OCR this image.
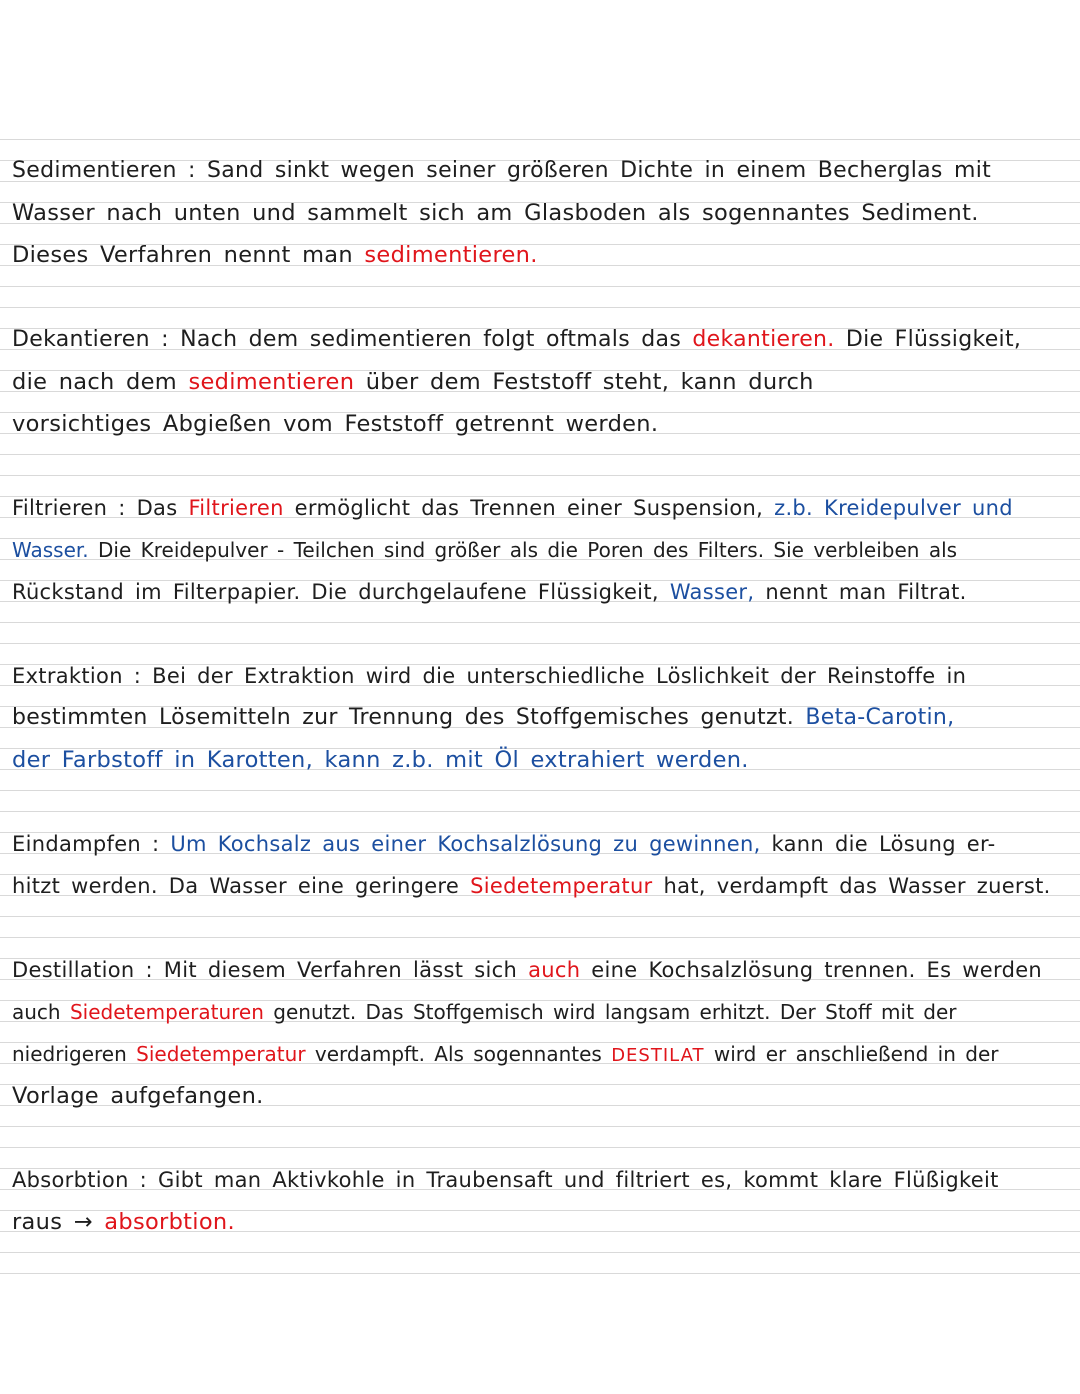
Sedimentieren : Sand sinkt wegen seiner größeren Dichte in einem Becherglas mit
Wasser nach unten und sammelt sich am Glasboden als sogennantes Sediment.
Dieses Verfahren nennt man sedimentieren.
Dekantieren : Nach dem sedimentieren folgt oftmals das dekantieren. Die Flüssigkeit,
die nach dem sedimentieren über dem Feststoff steht, kann durch
vorsichtiges Abgießen vom Feststoff getrennt werden.
Filtrieren : Das Filtrieren ermöglicht das Trennen einer Suspension, z.b. Kreidepulver und
Wasser. Die Kreidepulver - Teilchen sind größer als die Poren des Filters. Sie verbleiben als
Rückstand im Filterpapier. Die durchgelaufene Flüssigkeit, Wasser, nennt man Filtrat.
Extraktion : Bei der Extraktion wird die unterschiedliche Löslichkeit der Reinstoffe in
bestimmten Lösemitteln zur Trennung des Stoffgemisches genutzt. Beta-Carotin,
der Farbstoff in Karotten, kann z.b. mit Öl extrahiert werden.
Eindampfen : Um Kochsalz aus einer Kochsalzlösung zu gewinnen, kann die Lösung er-
hitzt werden. Da Wasser eine geringere Siedetemperatur hat, verdampft das Wasser zuerst.
Destillation : Mit diesem Verfahren lässt sich auch eine Kochsalzlösung trennen. Es werden
auch Siedetemperaturen genutzt. Das Stoffgemisch wird langsam erhitzt. Der Stoff mit der
niedrigeren Siedetemperatur verdampft. Als sogennantes DESTILAT wird er anschließend in der
Vorlage aufgefangen.
Absorbtion : Gibt man Aktivkohle in Traubensaft und filtriert es, kommt klare Flüßigkeit
raus → absorbtion.
